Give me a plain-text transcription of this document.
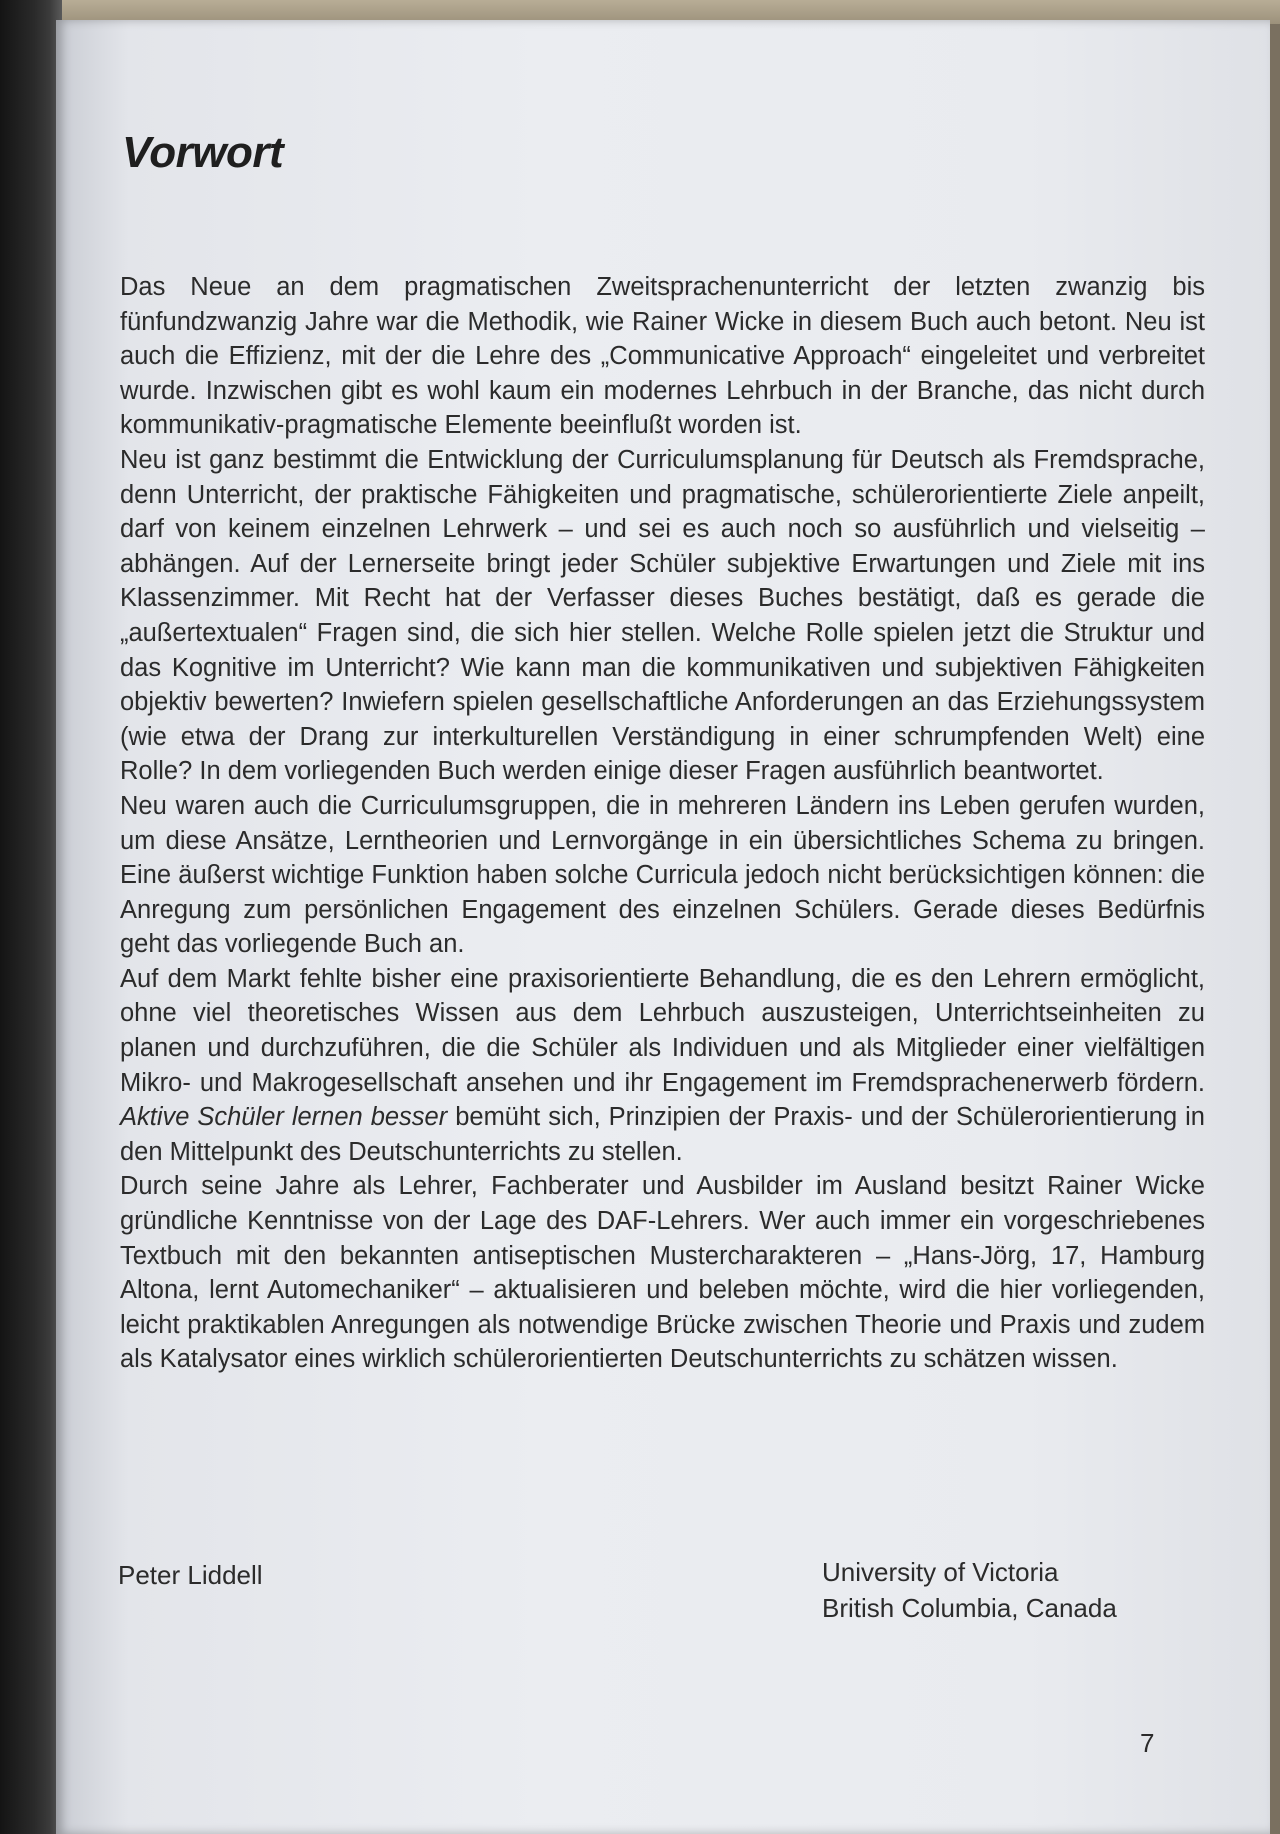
Vorwort

Das Neue an dem pragmatischen Zweitsprachenunterricht der letzten zwanzig bis fünfundzwanzig Jahre war die Methodik, wie Rainer Wicke in diesem Buch auch betont. Neu ist auch die Effizienz, mit der die Lehre des „Communicative Approach“ eingeleitet und verbreitet wurde. Inzwischen gibt es wohl kaum ein modernes Lehrbuch in der Branche, das nicht durch kommunikativ-pragmatische Elemente beeinflußt worden ist.

Neu ist ganz bestimmt die Entwicklung der Curriculumsplanung für Deutsch als Fremdsprache, denn Unterricht, der praktische Fähigkeiten und pragmatische, schülerorientierte Ziele anpeilt, darf von keinem einzelnen Lehrwerk – und sei es auch noch so ausführlich und vielseitig – abhängen. Auf der Lernerseite bringt jeder Schüler subjektive Erwartungen und Ziele mit ins Klassenzimmer. Mit Recht hat der Verfasser dieses Buches bestätigt, daß es gerade die „außertextualen“ Fragen sind, die sich hier stellen. Welche Rolle spielen jetzt die Struktur und das Kognitive im Unterricht? Wie kann man die kommunikativen und subjektiven Fähigkeiten objektiv bewerten? Inwiefern spielen gesellschaftliche Anforderungen an das Erziehungssystem (wie etwa der Drang zur interkulturellen Verständigung in einer schrumpfenden Welt) eine Rolle? In dem vorliegenden Buch werden einige dieser Fragen ausführlich beantwortet.

Neu waren auch die Curriculumsgruppen, die in mehreren Ländern ins Leben gerufen wurden, um diese Ansätze, Lerntheorien und Lernvorgänge in ein übersichtliches Schema zu bringen. Eine äußerst wichtige Funktion haben solche Curricula jedoch nicht berücksichtigen können: die Anregung zum persönlichen Engagement des einzelnen Schülers. Gerade dieses Bedürfnis geht das vorliegende Buch an.

Auf dem Markt fehlte bisher eine praxisorientierte Behandlung, die es den Lehrern ermöglicht, ohne viel theoretisches Wissen aus dem Lehrbuch auszusteigen, Unterrichtseinheiten zu planen und durchzuführen, die die Schüler als Individuen und als Mitglieder einer vielfältigen Mikro- und Makrogesellschaft ansehen und ihr Engagement im Fremdsprachenerwerb fördern. Aktive Schüler lernen besser bemüht sich, Prinzipien der Praxis- und der Schülerorientierung in den Mittelpunkt des Deutschunterrichts zu stellen.

Durch seine Jahre als Lehrer, Fachberater und Ausbilder im Ausland besitzt Rainer Wicke gründliche Kenntnisse von der Lage des DAF-Lehrers. Wer auch immer ein vorgeschriebenes Textbuch mit den bekannten antiseptischen Mustercharakteren – „Hans-Jörg, 17, Hamburg Altona, lernt Automechaniker“ – aktualisieren und beleben möchte, wird die hier vorliegenden, leicht praktikablen Anregungen als notwendige Brücke zwischen Theorie und Praxis und zudem als Katalysator eines wirklich schülerorientierten Deutschunterrichts zu schätzen wissen.

Peter Liddell	University of Victoria
British Columbia, Canada
7
